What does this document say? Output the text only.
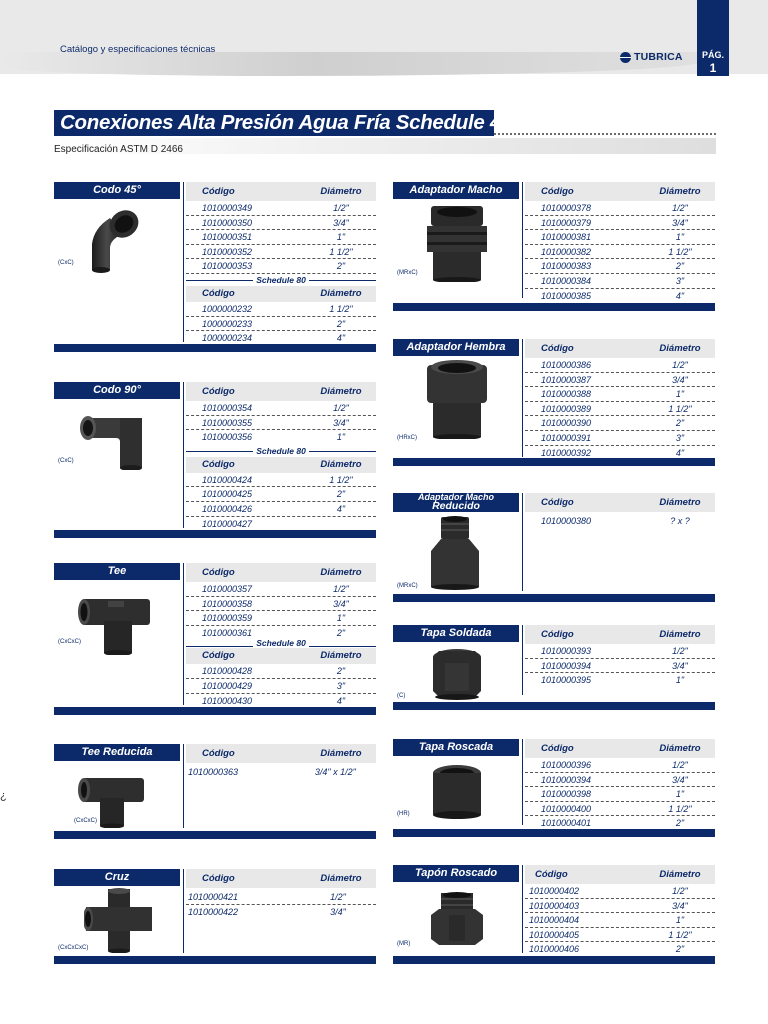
Catálogo y especificaciones técnicas
TUBRICA	PÁG.
1
Conexiones Alta Presión Agua Fría Schedule 40
Especificación ASTM D 2466
¿
Codo 45°
(CxC)
Código	Diámetro
1010000349	1/2"
1010000350	3/4"
1010000351	1"
1010000352	1 1/2"
1010000353	2"
Schedule 80
Código	Diámetro
1000000232	1 1/2"
1000000233	2"
1000000234	4"
Codo 90°
(CxC)
Código	Diámetro
1010000354	1/2"
1010000355	3/4"
1010000356	1"
Schedule 80
Código	Diámetro
1010000424	1 1/2"
1010000425	2"
1010000426	4"
1010000427
Tee
(CxCxC)
Código	Diámetro
1010000357	1/2"
1010000358	3/4"
1010000359	1"
1010000361	2"
Schedule 80
Código	Diámetro
1010000428	2"
1010000429	3"
1010000430	4"
Tee Reducida
(CxCxC)
Código	Diámetro
1010000363	3/4" x 1/2"
Cruz
(CxCxCxC)
Código	Diámetro
1010000421	1/2"
1010000422	3/4"
Adaptador Macho
(MRxC)
Código	Diámetro
1010000378	1/2"
1010000379	3/4"
1010000381	1"
1010000382	1 1/2"
1010000383	2"
1010000384	3"
1010000385	4"
Adaptador Hembra
(HRxC)
Código	Diámetro
1010000386	1/2"
1010000387	3/4"
1010000388	1"
1010000389	1 1/2"
1010000390	2"
1010000391	3"
1010000392	4"
Adaptador Macho
Reducido
(MRxC)
Código	Diámetro
1010000380	? x ?
Tapa Soldada
(C)
Código	Diámetro
1010000393	1/2"
1010000394	3/4"
1010000395	1"
Tapa Roscada
(HR)
Código	Diámetro
1010000396	1/2"
1010000394	3/4"
1010000398	1"
1010000400	1 1/2"
1010000401	2"
Tapón Roscado
(MR)
Código	Diámetro
1010000402	1/2"
1010000403	3/4"
1010000404	1"
1010000405	1 1/2"
1010000406	2"
